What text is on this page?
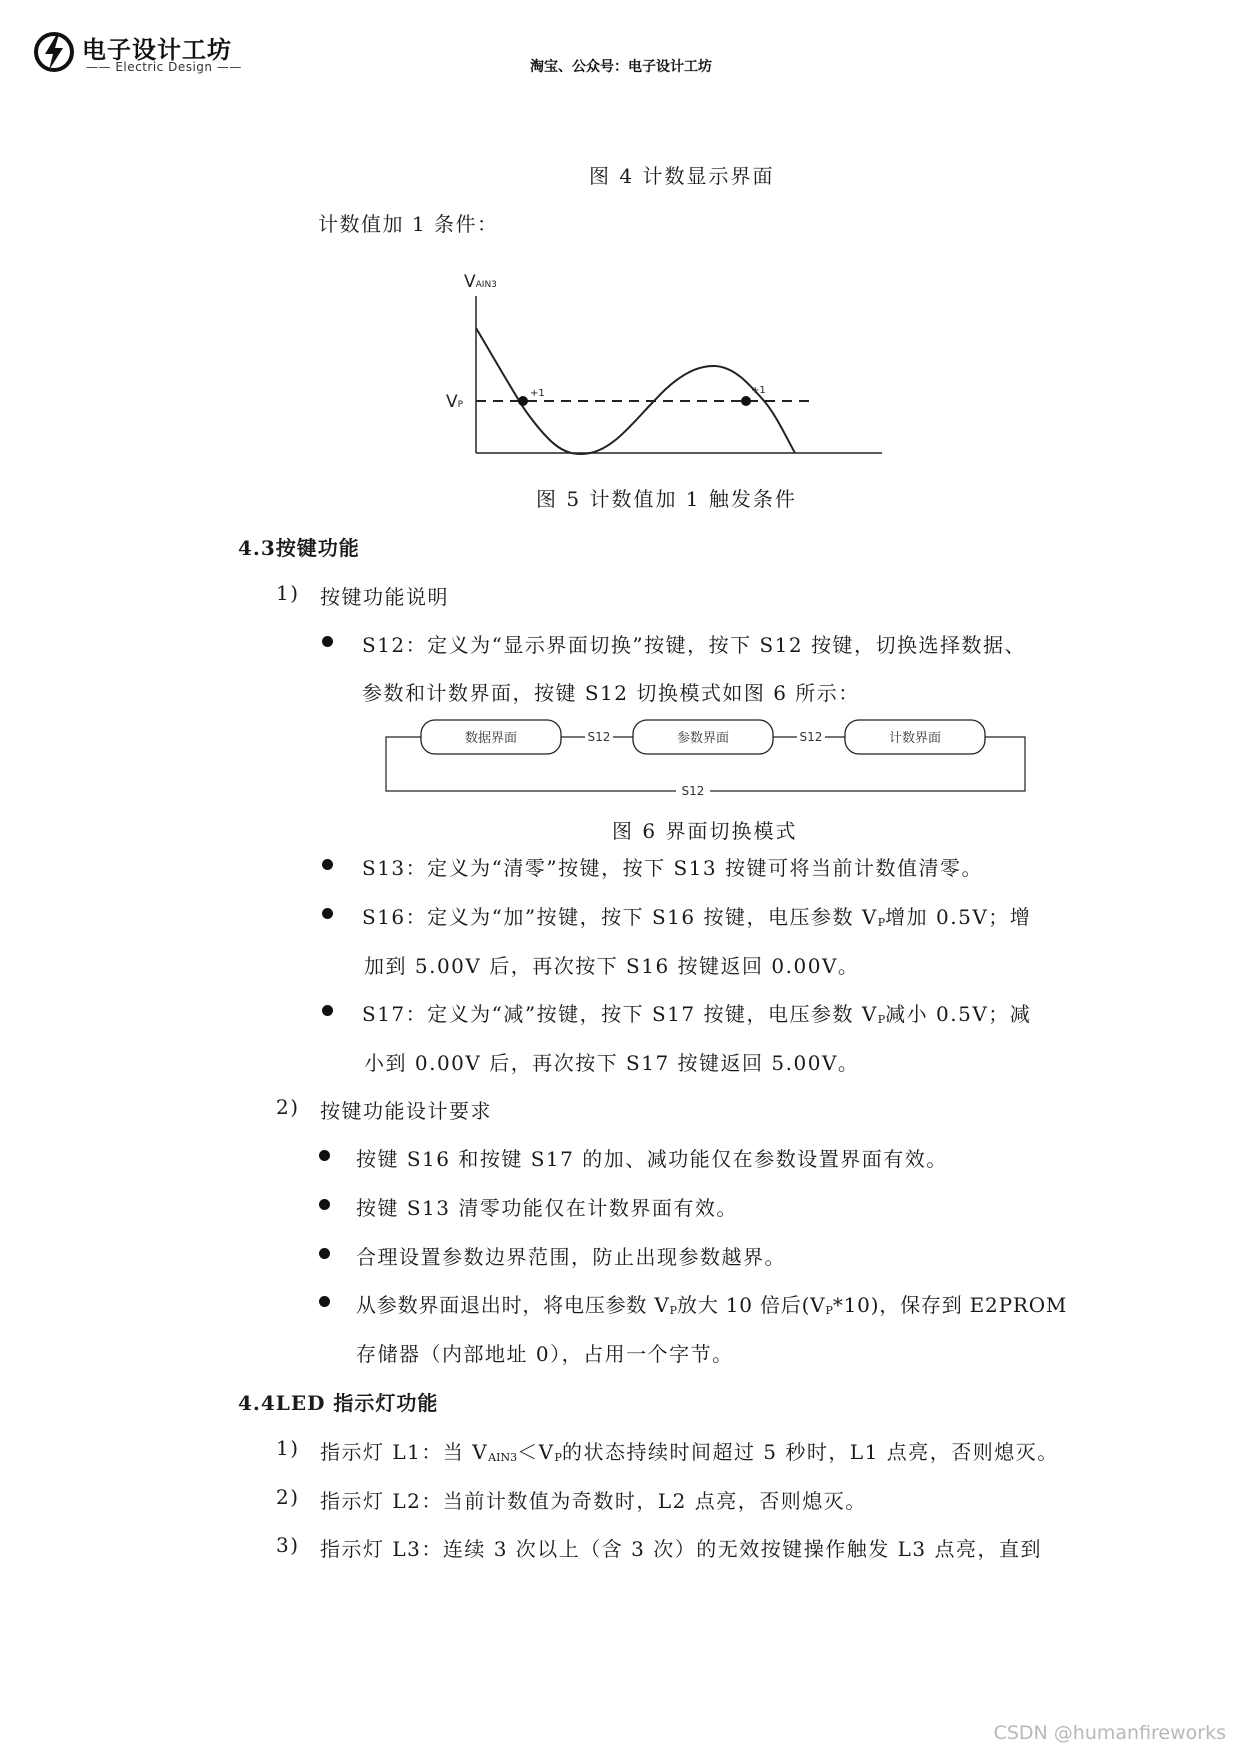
电子设计工坊
—— Electric Design ——	淘宝、公众号：电子设计工坊
图 4 计数显示界面
计数值加 1 条件：
+1	+1
VAIN3
VP
图 5 计数值加 1 触发条件
4.3按键功能
1) 按键功能说明
S12：定义为“显示界面切换”按键，按下 S12 按键，切换选择数据、
参数和计数界面，按键 S12 切换模式如图 6 所示：
数据界面	参数界面	计数界面
S12	S12
S12
图 6 界面切换模式
S13：定义为“清零”按键，按下 S13 按键可将当前计数值清零。
S16：定义为“加”按键，按下 S16 按键，电压参数 VP增加 0.5V；增
加到 5.00V 后，再次按下 S16 按键返回 0.00V。
S17：定义为“减”按键，按下 S17 按键，电压参数 VP减小 0.5V；减
小到 0.00V 后，再次按下 S17 按键返回 5.00V。
2) 按键功能设计要求
按键 S16 和按键 S17 的加、减功能仅在参数设置界面有效。
按键 S13 清零功能仅在计数界面有效。
合理设置参数边界范围，防止出现参数越界。
从参数界面退出时，将电压参数 VP放大 10 倍后(VP*10)，保存到 E2PROM
存储器（内部地址 0），占用一个字节。
4.4LED 指示灯功能
1) 指示灯 L1：当 VAIN3＜VP的状态持续时间超过 5 秒时，L1 点亮，否则熄灭。
2) 指示灯 L2：当前计数值为奇数时，L2 点亮，否则熄灭。
3) 指示灯 L3：连续 3 次以上（含 3 次）的无效按键操作触发 L3 点亮，直到
CSDN @humanfireworks
